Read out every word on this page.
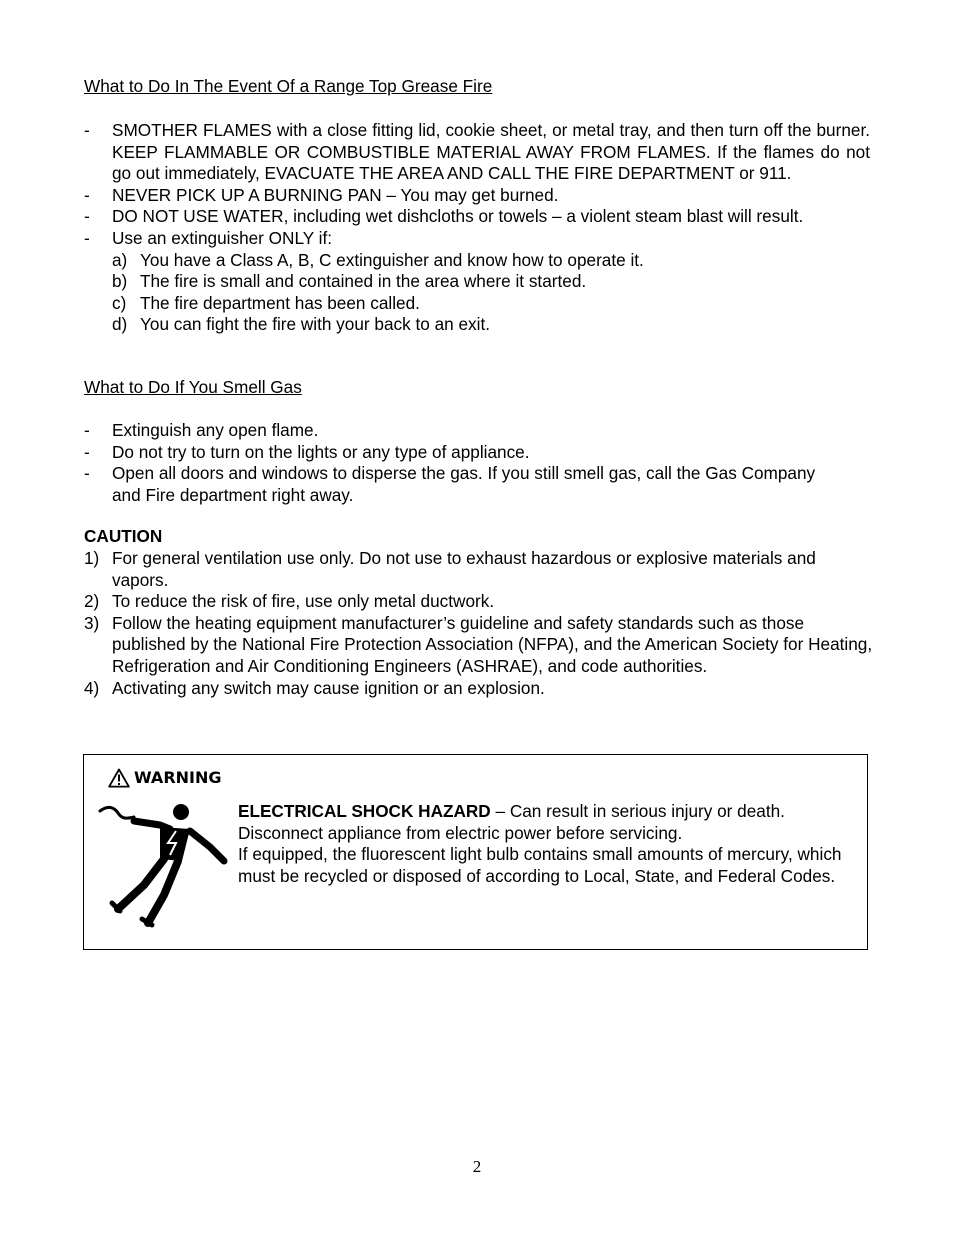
What to Do In The Event Of a Range Top Grease Fire
- SMOTHER FLAMES with a close fitting lid, cookie sheet, or metal tray, and then turn off the burner. KEEP FLAMMABLE OR COMBUSTIBLE MATERIAL AWAY FROM FLAMES. If the flames do not go out immediately, EVACUATE THE AREA AND CALL THE FIRE DEPARTMENT or 911.
- NEVER PICK UP A BURNING PAN – You may get burned.
- DO NOT USE WATER, including wet dishcloths or towels – a violent steam blast will result.
- Use an extinguisher ONLY if:
a) You have a Class A, B, C extinguisher and know how to operate it.
b) The fire is small and contained in the area where it started.
c) The fire department has been called.
d) You can fight the fire with your back to an exit.
What to Do If You Smell Gas
- Extinguish any open flame.
- Do not try to turn on the lights or any type of appliance.
- Open all doors and windows to disperse the gas. If you still smell gas, call the Gas Company and Fire department right away.

CAUTION

1) For general ventilation use only. Do not use to exhaust hazardous or explosive materials and vapors.
2) To reduce the risk of fire, use only metal ductwork.
3) Follow the heating equipment manufacturer’s guideline and safety standards such as those published by the National Fire Protection Association (NFPA), and the American Society for Heating, Refrigeration and Air Conditioning Engineers (ASHRAE), and code authorities.
4) Activating any switch may cause ignition or an explosion.
WARNING
ELECTRICAL SHOCK HAZARD – Can result in serious injury or death.
Disconnect appliance from electric power before servicing.
If equipped, the fluorescent light bulb contains small amounts of mercury, which must be recycled or disposed of according to Local, State, and Federal Codes.
2
